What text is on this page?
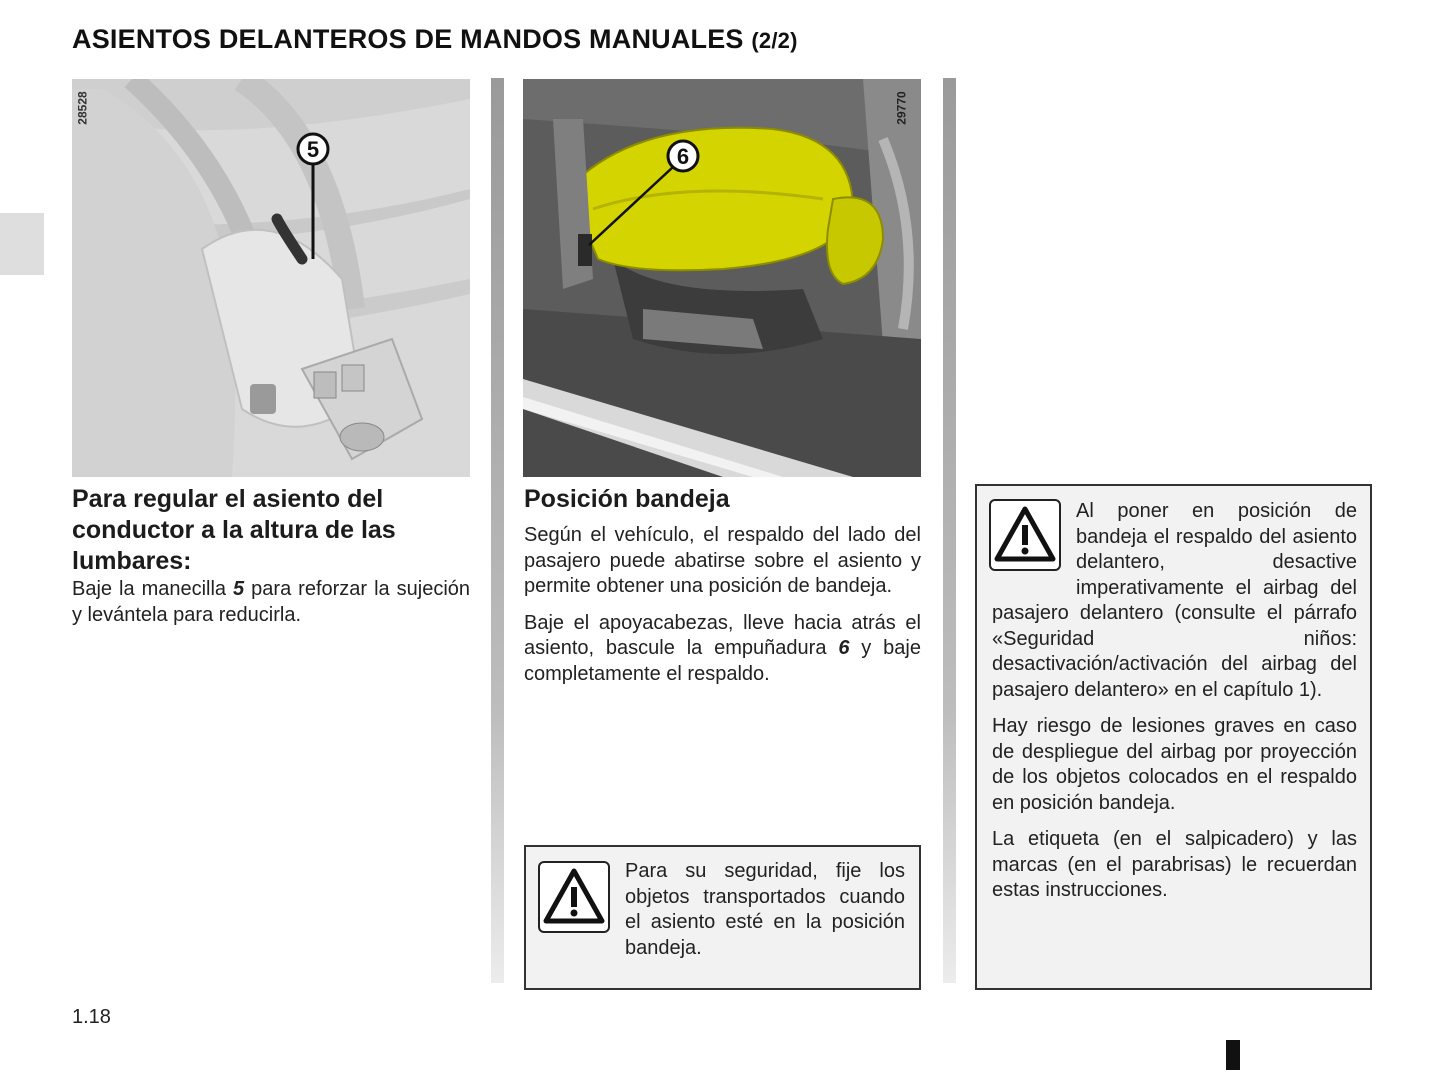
ASIENTOS DELANTEROS DE MANDOS MANUALES (2/2)
5
28528
6
29770
Para regular el asiento del conductor a la altura de las lumbares:

Baje la manecilla 5 para reforzar la sujeción y levántela para reducirla.

Posición bandeja

Según el vehículo, el respaldo del lado del pasajero puede abatirse sobre el asiento y permite obtener una posición de bandeja.

Baje el apoyacabezas, lleve hacia atrás el asiento, bascule la empuñadura 6 y baje completamente el respaldo.

Para su seguridad, fije los objetos transportados cuando el asiento esté en la posición bandeja.

Al poner en posición de bandeja el respaldo del asiento delantero, desactive imperativamente el airbag del pasajero delantero (consulte el párrafo «Seguridad niños: desactivación/activación del airbag del pasajero delantero» en el capítulo 1).

Hay riesgo de lesiones graves en caso de despliegue del airbag por proyección de los objetos colocados en el respaldo en posición bandeja.

La etiqueta (en el salpicadero) y las marcas (en el parabrisas) le recuerdan estas instrucciones.

1.18
